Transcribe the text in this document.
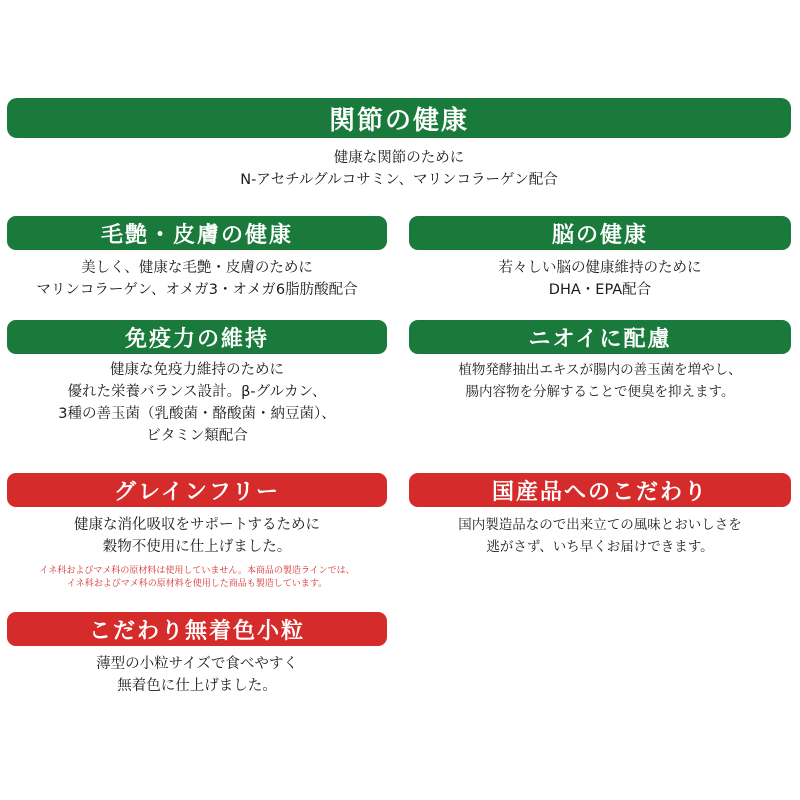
関節の健康
健康な関節のために
N-アセチルグルコサミン、マリンコラーゲン配合
毛艶・皮膚の健康
美しく、健康な毛艶・皮膚のために
マリンコラーゲン、オメガ3・オメガ6脂肪酸配合
脳の健康
若々しい脳の健康維持のために
DHA・EPA配合
免疫力の維持
健康な免疫力維持のために
優れた栄養バランス設計。β-グルカン、
3種の善玉菌（乳酸菌・酪酸菌・納豆菌）、
ビタミン類配合
ニオイに配慮
植物発酵抽出エキスが腸内の善玉菌を増やし、
腸内容物を分解することで便臭を抑えます。
グレインフリー
健康な消化吸収をサポートするために
穀物不使用に仕上げました。
イネ科およびマメ科の原材料は使用していません。本商品の製造ラインでは、
イネ科およびマメ科の原材料を使用した商品も製造しています。
国産品へのこだわり
国内製造品なので出来立ての風味とおいしさを
逃がさず、いち早くお届けできます。
こだわり無着色小粒
薄型の小粒サイズで食べやすく
無着色に仕上げました。
